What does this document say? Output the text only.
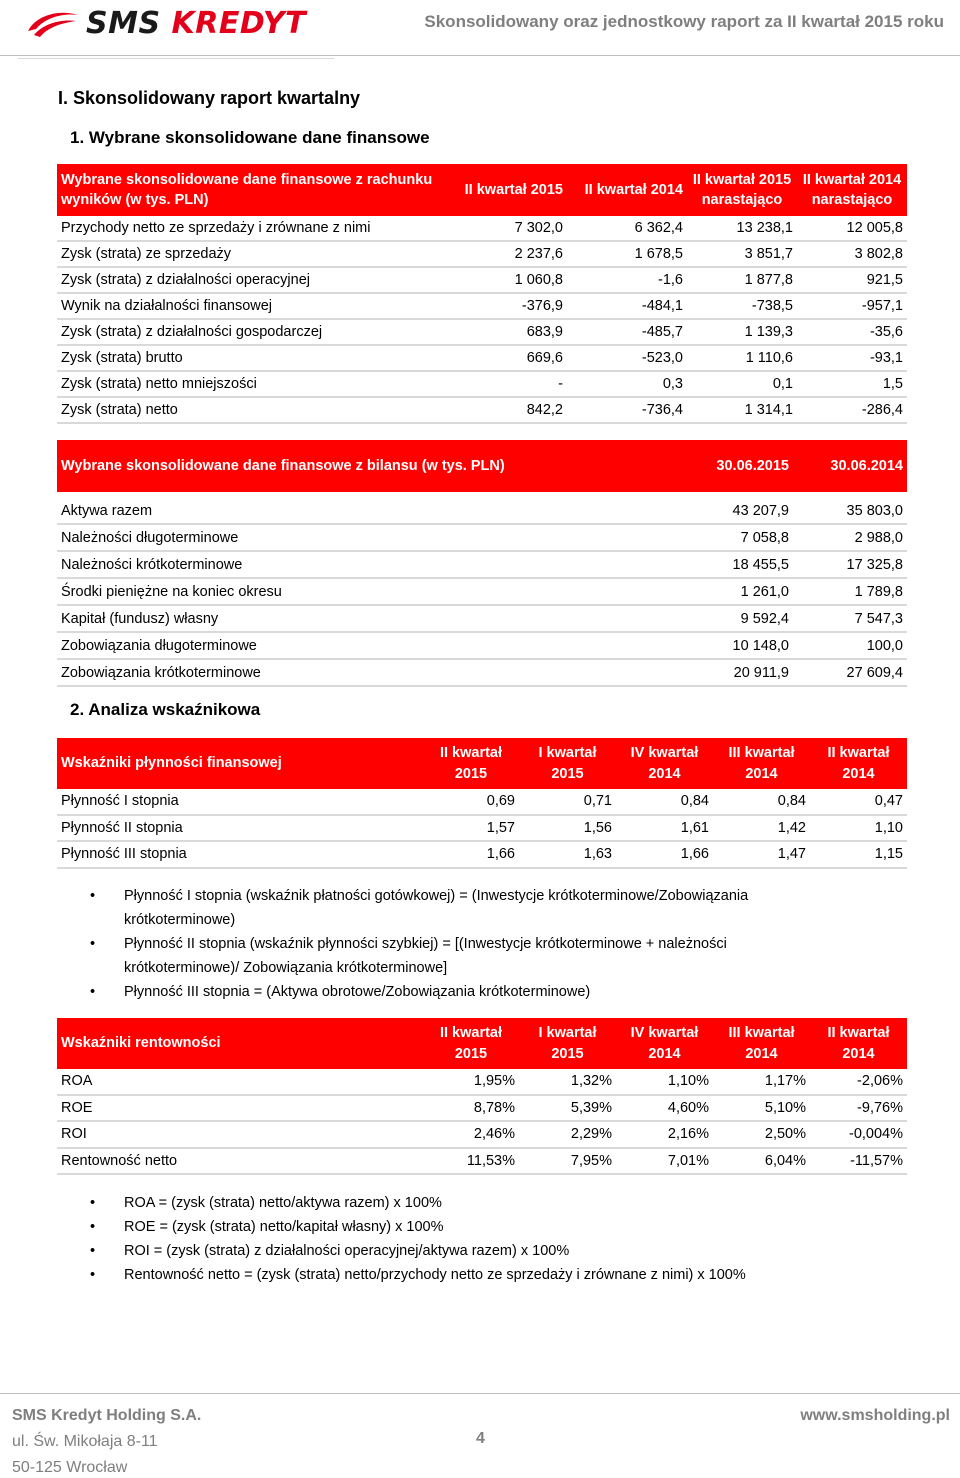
SMS KREDYT	Skonsolidowany oraz jednostkowy raport za II kwartał 2015 roku
I. Skonsolidowany raport kwartalny
1. Wybrane skonsolidowane dane finansowe
Wybrane skonsolidowane dane finansowe z rachunku wyników (w tys. PLN)	II kwartał 2015	II kwartał 2014	II kwartał 2015 narastająco	II kwartał 2014 narastająco
Przychody netto ze sprzedaży i zrównane z nimi	7 302,0	6 362,4	13 238,1	12 005,8
Zysk (strata) ze sprzedaży	2 237,6	1 678,5	3 851,7	3 802,8
Zysk (strata) z działalności operacyjnej	1 060,8	-1,6	1 877,8	921,5
Wynik na działalności finansowej	-376,9	-484,1	-738,5	-957,1
Zysk (strata) z działalności gospodarczej	683,9	-485,7	1 139,3	-35,6
Zysk (strata) brutto	669,6	-523,0	1 110,6	-93,1
Zysk (strata) netto mniejszości	-	0,3	0,1	1,5
Zysk (strata) netto	842,2	-736,4	1 314,1	-286,4
Wybrane skonsolidowane dane finansowe z bilansu (w tys. PLN)	30.06.2015	30.06.2014

Aktywa razem	43 207,9	35 803,0
Należności długoterminowe	7 058,8	2 988,0
Należności krótkoterminowe	18 455,5	17 325,8
Środki pieniężne na koniec okresu	1 261,0	1 789,8
Kapitał (fundusz) własny	9 592,4	7 547,3
Zobowiązania długoterminowe	10 148,0	100,0
Zobowiązania krótkoterminowe	20 911,9	27 609,4
2. Analiza wskaźnikowa
Wskaźniki płynności finansowej	II kwartał 2015	I kwartał 2015	IV kwartał 2014	III kwartał 2014	II kwartał 2014
Płynność I stopnia	0,69	0,71	0,84	0,84	0,47
Płynność II stopnia	1,57	1,56	1,61	1,42	1,10
Płynność III stopnia	1,66	1,63	1,66	1,47	1,15
• Płynność I stopnia (wskaźnik płatności gotówkowej) = (Inwestycje krótkoterminowe/Zobowiązania krótkoterminowe)
• Płynność II stopnia (wskaźnik płynności szybkiej) = [(Inwestycje krótkoterminowe + należności krótkoterminowe)/ Zobowiązania krótkoterminowe]
• Płynność III stopnia = (Aktywa obrotowe/Zobowiązania krótkoterminowe)
Wskaźniki rentowności	II kwartał 2015	I kwartał 2015	IV kwartał 2014	III kwartał 2014	II kwartał 2014
ROA	1,95%	1,32%	1,10%	1,17%	-2,06%
ROE	8,78%	5,39%	4,60%	5,10%	-9,76%
ROI	2,46%	2,29%	2,16%	2,50%	-0,004%
Rentowność netto	11,53%	7,95%	7,01%	6,04%	-11,57%
• ROA = (zysk (strata) netto/aktywa razem) x 100%
• ROE = (zysk (strata) netto/kapitał własny) x 100%
• ROI = (zysk (strata) z działalności operacyjnej/aktywa razem) x 100%
• Rentowność netto = (zysk (strata) netto/przychody netto ze sprzedaży i zrównane z nimi) x 100%
SMS Kredyt Holding S.A.
ul. Św. Mikołaja 8-11
50-125 Wrocław
4
www.smsholding.pl
